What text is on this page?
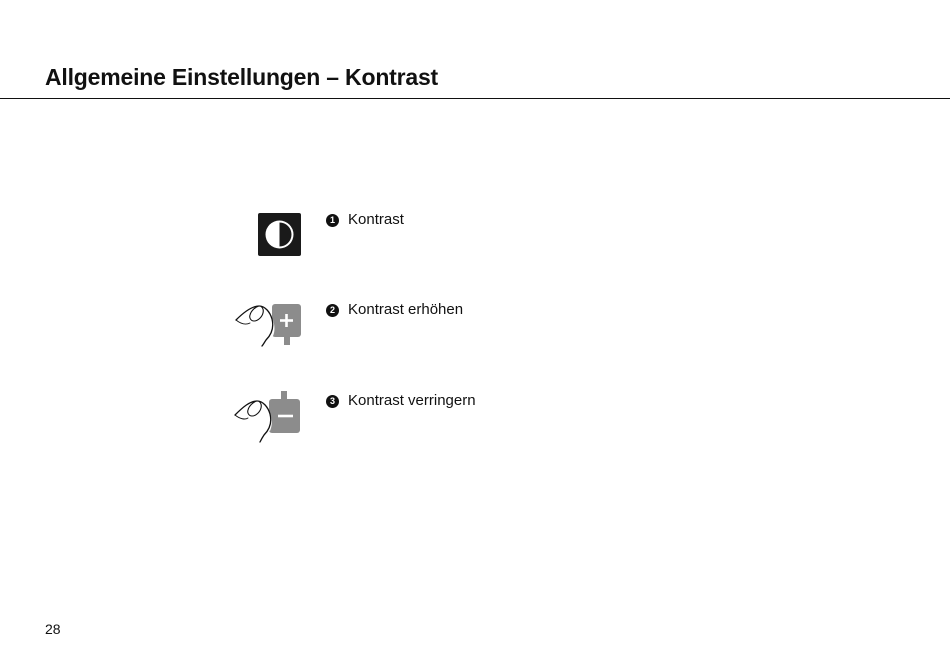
Allgemeine Einstellungen – Kontrast
1 Kontrast
2 Kontrast erhöhen
3 Kontrast verringern
28
